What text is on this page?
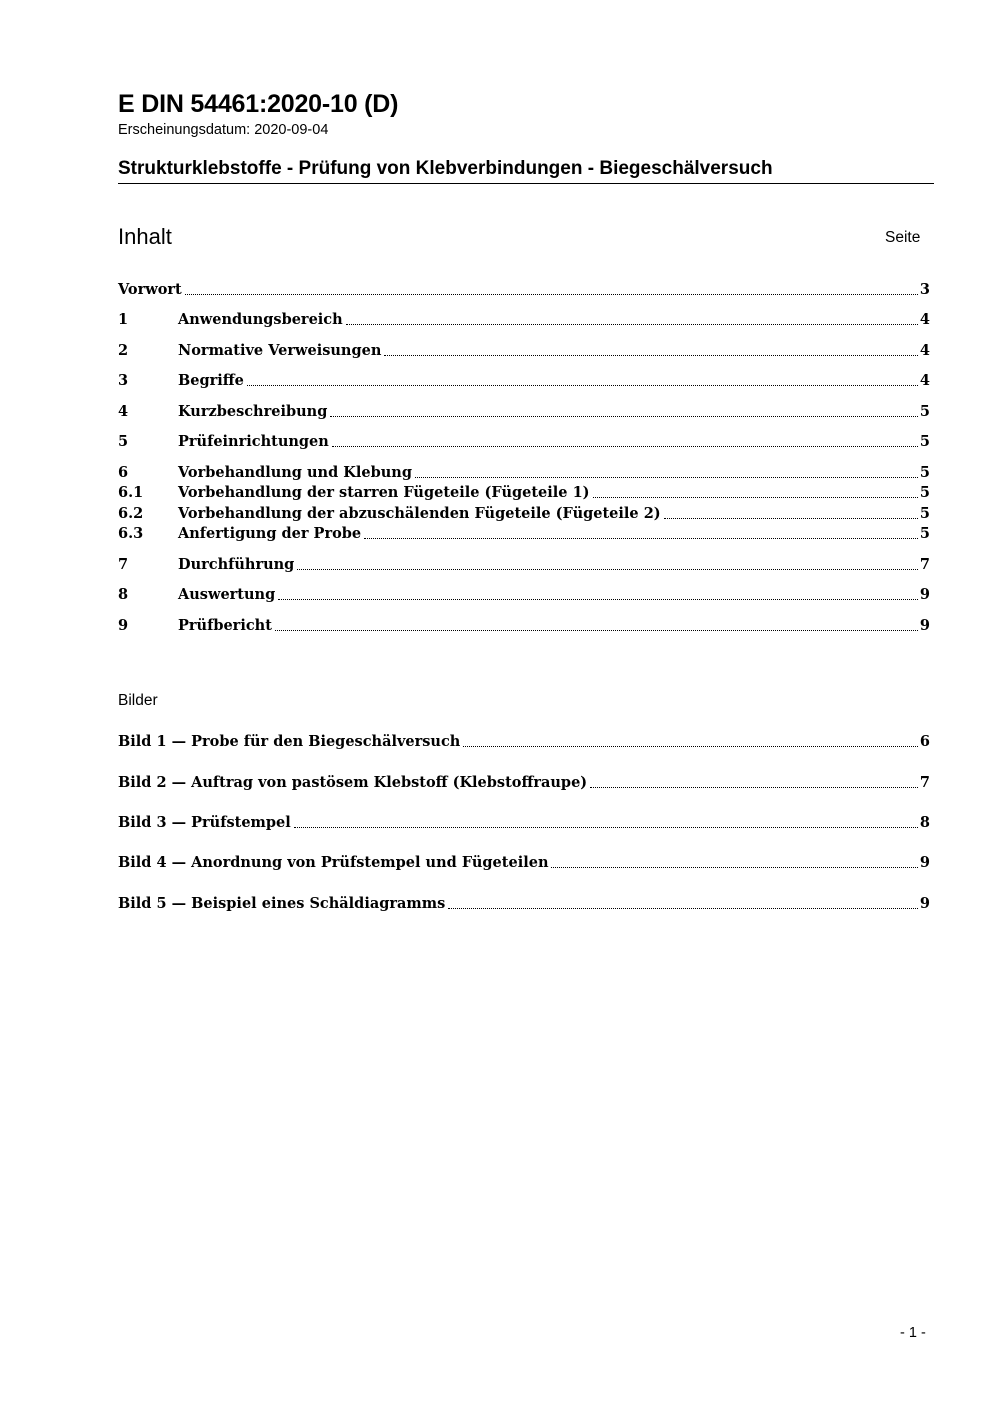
E DIN 54461:2020-10 (D)
Erscheinungsdatum: 2020-09-04
Strukturklebstoffe - Prüfung von Klebverbindungen - Biegeschälversuch
Inhalt	Seite
Vorwort	3
1	Anwendungsbereich	4
2	Normative Verweisungen	4
3	Begriffe	4
4	Kurzbeschreibung	5
5	Prüfeinrichtungen	5
6	Vorbehandlung und Klebung	5
6.1	Vorbehandlung der starren Fügeteile (Fügeteile 1)	5
6.2	Vorbehandlung der abzuschälenden Fügeteile (Fügeteile 2)	5
6.3	Anfertigung der Probe	5
7	Durchführung	7
8	Auswertung	9
9	Prüfbericht	9
Bilder
Bild 1 — Probe für den Biegeschälversuch	6
Bild 2 — Auftrag von pastösem Klebstoff (Klebstoffraupe)	7
Bild 3 — Prüfstempel	8
Bild 4 — Anordnung von Prüfstempel und Fügeteilen	9
Bild 5 — Beispiel eines Schäldiagramms	9
- 1 -
